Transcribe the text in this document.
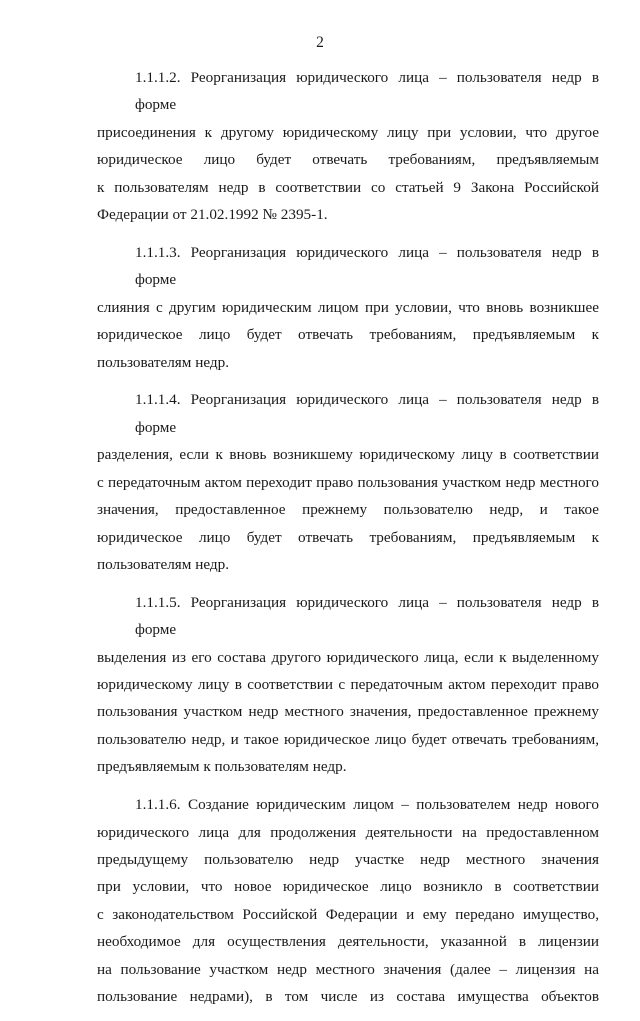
2

1.1.1.2. Реорганизация юридического лица – пользователя недр в форме
присоединения к другому юридическому лицу при условии, что другое
юридическое лицо будет отвечать требованиям, предъявляемым
к пользователям недр в соответствии со статьей 9 Закона Российской
Федерации от 21.02.1992 № 2395-1.

1.1.1.3. Реорганизация юридического лица – пользователя недр в форме
слияния с другим юридическим лицом при условии, что вновь возникшее
юридическое лицо будет отвечать требованиям, предъявляемым к
пользователям недр.

1.1.1.4. Реорганизация юридического лица – пользователя недр в форме
разделения, если к вновь возникшему юридическому лицу в соответствии
с передаточным актом переходит право пользования участком недр местного
значения, предоставленное прежнему пользователю недр, и такое
юридическое лицо будет отвечать требованиям, предъявляемым к
пользователям недр.

1.1.1.5. Реорганизация юридического лица – пользователя недр в форме
выделения из его состава другого юридического лица, если к выделенному
юридическому лицу в соответствии с передаточным актом переходит право
пользования участком недр местного значения, предоставленное прежнему
пользователю недр, и такое юридическое лицо будет отвечать требованиям,
предъявляемым к пользователям недр.

1.1.1.6. Создание юридическим лицом – пользователем недр нового
юридического лица для продолжения деятельности на предоставленном
предыдущему пользователю недр участке недр местного значения
при условии, что новое юридическое лицо возникло в соответствии
с законодательством Российской Федерации и ему передано имущество,
необходимое для осуществления деятельности, указанной в лицензии
на пользование участком недр местного значения (далее – лицензия на
пользование недрами), в том числе из состава имущества объектов
